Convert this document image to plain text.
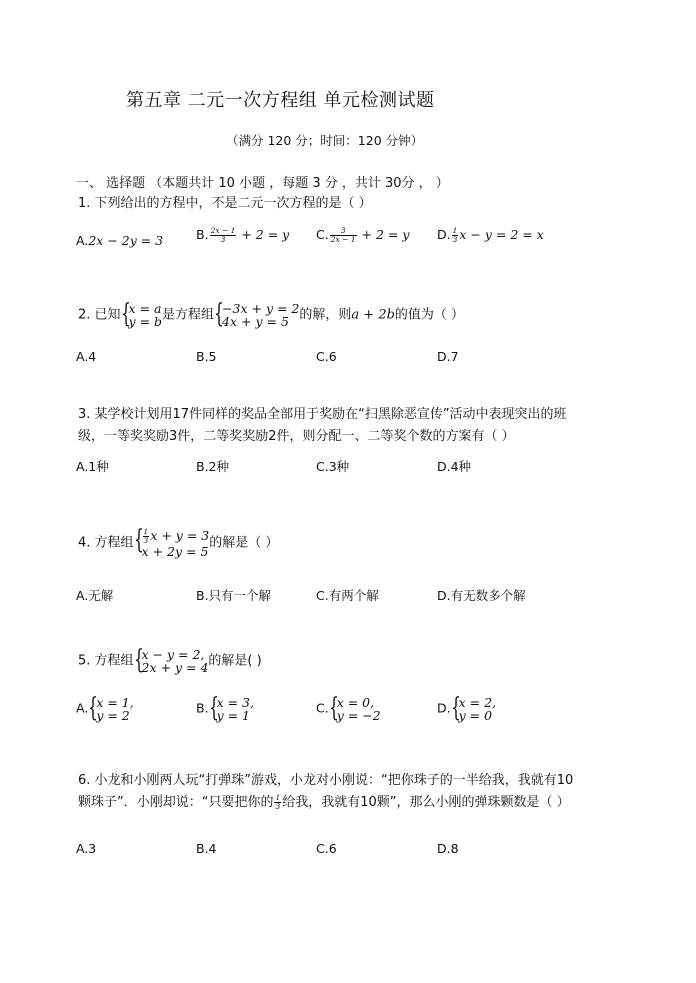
第五章 二元一次方程组 单元检测试题
（满分 120 分；时间：120 分钟）
一、 选择题 （本题共计 10 小题 ，每题 3 分 ，共计 30分 ， ）
1. 下列给出的方程中，不是二元一次方程的是（ ）
A.2x − 2y = 3	B. $\frac{2x - 1}{3} + 2 = y$ C. $\frac{3}{2x - 1} + 2 = y$ D. $\frac{1}{3}$ x − y = 2 = x
2. 已知 {
x = a
y = b 是方程组 {
−3x + y = 2
4x + y = 5 的解，则a + 2b的值为（ ）
A.4	B.5	C.6	D.7
3. 某学校计划用17件同样的奖品全部用于奖励在“扫黑除恶宣传”活动中表现突出的班
级，一等奖奖励3件，二等奖奖励2件，则分配一、二等奖个数的方案有（ ）
A.1种	B.2种	C.3种	D.4种
4. 方程组 { $\frac{1}{3}$ x + y = 3
x + 2y = 5
的解是（ ）
A.无解	B.只有一个解	C.有两个解	D.有无数多个解
5. 方程组 {
x − y = 2,
2x + y = 4 的解是( )
A. {
x = 1,
y = 2	B. {
x = 3,
y = 1	C. {
x = 0,
y = −2	D. {
x = 2,
y = 0
6. 小龙和小刚两人玩“打弹珠”游戏，小龙对小刚说：“把你珠子的一半给我，我就有10
颗珠子”．小刚却说：“只要把你的 $\frac{1}{3}$ 给我，我就有10颗”，那么小刚的弹珠颗数是（ ）
A.3	B.4	C.6	D.8
